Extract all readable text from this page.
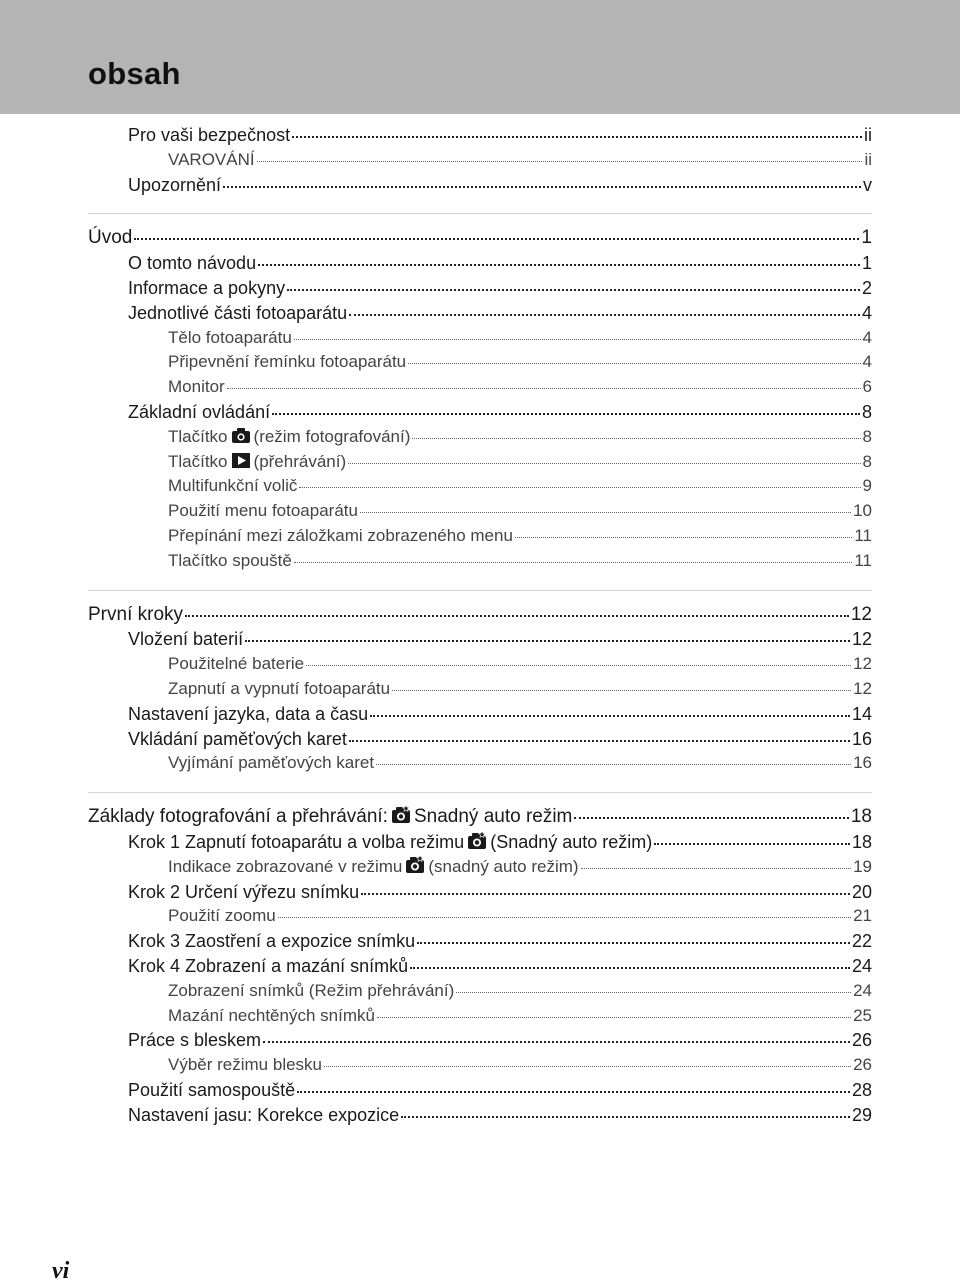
obsah
Pro vaši bezpečnost	ii
VAROVÁNÍ	ii
Upozornění	v
Úvod	1
O tomto návodu	1
Informace a pokyny	2
Jednotlivé části fotoaparátu	4
Tělo fotoaparátu	4
Připevnění řemínku fotoaparátu	4
Monitor	6
Základní ovládání	8
Tlačítko (režim fotografování)	8
Tlačítko (přehrávání)	8
Multifunkční volič	9
Použití menu fotoaparátu	10
Přepínání mezi záložkami zobrazeného menu	11
Tlačítko spouště	11
První kroky	12
Vložení baterií	12
Použitelné baterie	12
Zapnutí a vypnutí fotoaparátu	12
Nastavení jazyka, data a času	14
Vkládání paměťových karet	16
Vyjímání paměťových karet	16
Základy fotografování a přehrávání: Snadný auto režim	18
Krok 1 Zapnutí fotoaparátu a volba režimu (Snadný auto režim)	18
Indikace zobrazované v režimu (snadný auto režim)	19
Krok 2 Určení výřezu snímku	20
Použití zoomu	21
Krok 3 Zaostření a expozice snímku	22
Krok 4 Zobrazení a mazání snímků	24
Zobrazení snímků (Režim přehrávání)	24
Mazání nechtěných snímků	25
Práce s bleskem	26
Výběr režimu blesku	26
Použití samospouště	28
Nastavení jasu: Korekce expozice	29

vi
